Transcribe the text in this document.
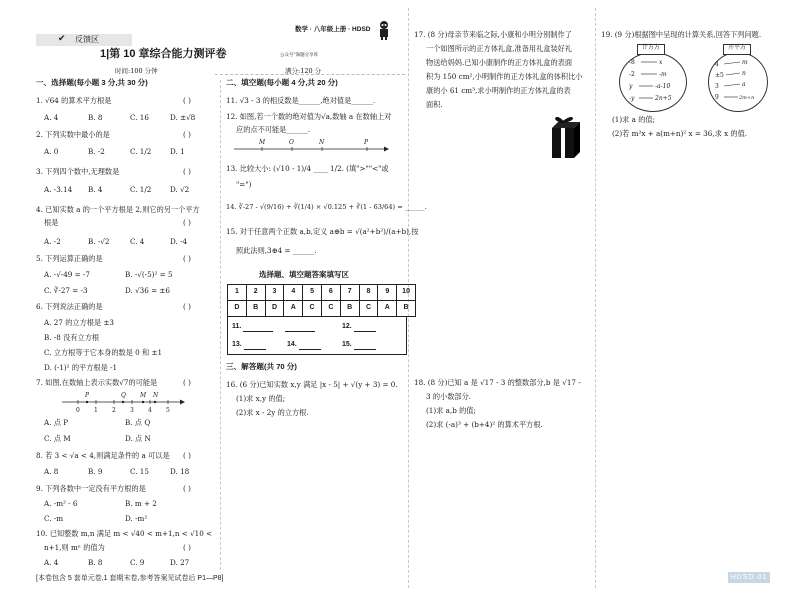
✔ 反馈区
数学 · 八年级上册 · HDSD
1|第 10 章综合能力测评卷
时间:100 分钟
公众号"淘题分享库
满分:120 分
一、选择题(每小题 3 分,共 30 分)
1. √64 的算术平方根是	( )
A. 4	B. 8	C. 16	D. ±√8
2. 下列实数中最小的是	( )
A. 0	B. -2	C. 1/2	D. 1
3. 下列四个数中,无理数是	( )
A. -3.14 B. 4	C. 1/2	D. √2
4. 已知实数 a 的一个平方根是 2,则它的另一个平方
根是	( )
A. -2	B. -√2	C. 4	D. -4
5. 下列运算正确的是	( )
A. -√-49 = -7	B. -√(-5)² = 5
C. ∛-27 = -3	D. √36 = ±6
6. 下列说法正确的是	( )
A. 27 的立方根是 ±3
B. -8 没有立方根
C. 立方根等于它本身的数是 0 和 ±1
D. (-1)² 的平方根是 -1
7. 如图,在数轴上表示实数√7的可能是	( )
0 1 2 3 4 5
P	Q M N
A. 点 P	B. 点 Q
C. 点 M	D. 点 N
8. 若 3 < √a < 4,则满足条件的 a 可以是 ( )
A. 8	B. 9	C. 15	D. 18
9. 下列各数中一定没有平方根的是	( )
A. -m² - 6	B. m + 2
C. -m	D. -m²
10. 已知整数 m,n 满足 m < √40 < m+1,n < √10 <
n+1,则 mⁿ 的值为	( )
A. 4	B. 8	C. 9	D. 27
[本卷包含 5 套单元卷,1 套期末卷,参考答案见试卷后 P1—P8]
二、填空题(每小题 4 分,共 20 分)
11. √3 - 3 的相反数是______,绝对值是______.
12. 如图,若一个数的绝对值为√a,数轴 a 在数轴上对
应的点不可能是______.
M	O	N	P
13. 比较大小: (√10 - 1)/4 ____ 1/2. (填">""<"或
"=")
14. ∛-27 - √(9/16) + ∛(1/4) × √0.125 + ∛(1 - 63/64) = ______.
15. 对于任意两个正数 a,b,定义 a⊕b = √(a²+b²)/(a+b),按
照此法则,3⊕4 = ______.
选择题、填空题答案填写区
1	2	3	4	5	6	7	8	9	10
D	B	D	A	C	C	B	C	A	B
11.	12.
13.	14.	15.
三、解答题(共 70 分)
16. (6 分)已知实数 x,y 满足 |x - 5| + √(y + 3) = 0.
(1)求 x,y 的值;
(2)求 x - 2y 的立方根.
17. (8 分)母亲节来临之际,小康和小明分别制作了
一个如图所示的正方体礼盒,准备用礼盒装好礼
物送给妈妈.已知小康制作的正方体礼盒的表面
积为 150 cm²,小明制作的正方体礼盒的体积比小
康的小 61 cm³,求小明制作的正方体礼盒的表
面积.
18. (8 分)已知 a 是 √17 - 3 的整数部分,b 是 √17 -
3 的小数部分.
(1)求 a,b 的值;
(2)求 (-a)³ + (b+4)² 的算术平方根.
19. (9 分)根据图中呈现的计算关系,回答下列问题.
计方方
-8
-2
y
-y
x
-m
-a-10
2n+5
开平方
4
±5
3
9
m
n
a
2m+n
(1)求 a 的值;
(2)若 m²x + a(m+n)² x = 36,求 x 的值.
HDSD 01
